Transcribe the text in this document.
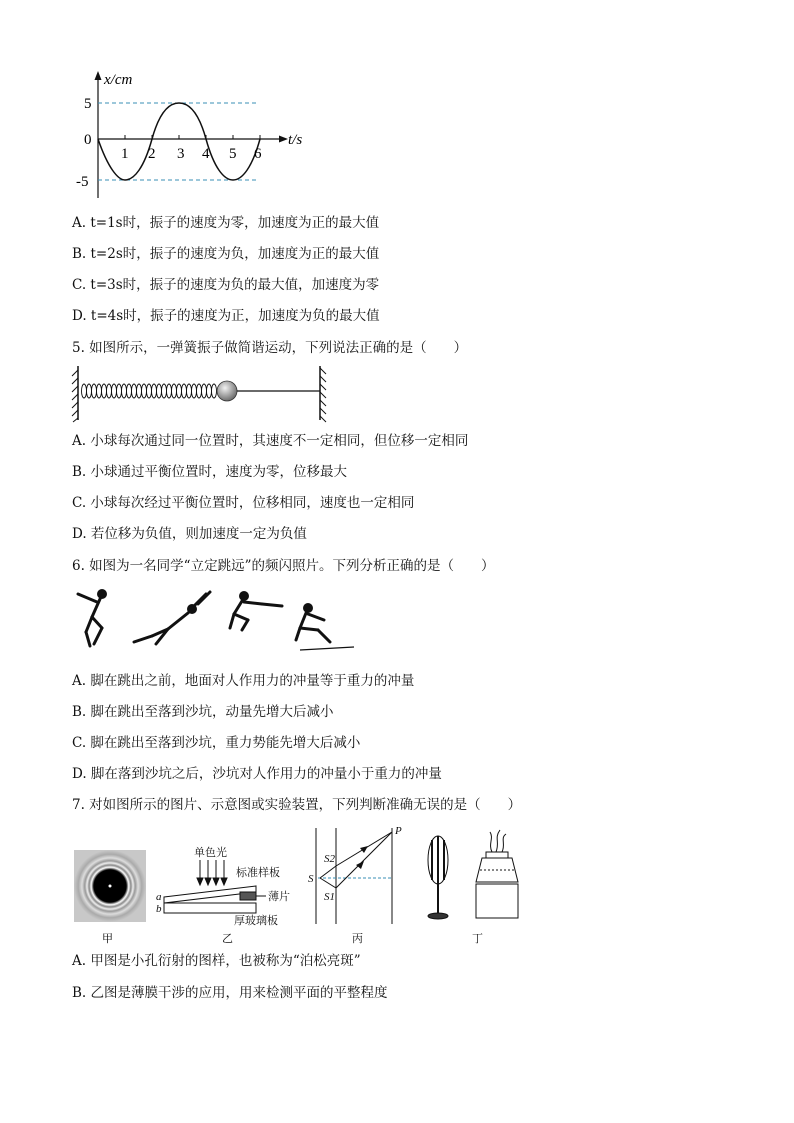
x/cm
5
0
-5
1 2 3 4 5 6
t/s
A. t=1s时，振子的速度为零，加速度为正的最大值
B. t=2s时，振子的速度为负，加速度为正的最大值
C. t=3s时，振子的速度为负的最大值，加速度为零
D. t=4s时，振子的速度为正，加速度为负的最大值
5. 如图所示，一弹簧振子做简谐运动，下列说法正确的是（　　）
A. 小球每次通过同一位置时，其速度不一定相同，但位移一定相同
B. 小球通过平衡位置时，速度为零，位移最大
C. 小球每次经过平衡位置时，位移相同，速度也一定相同
D. 若位移为负值，则加速度一定为负值
6. 如图为一名同学“立定跳远”的频闪照片。下列分析正确的是（　　）
A. 脚在跳出之前，地面对人作用力的冲量等于重力的冲量
B. 脚在跳出至落到沙坑，动量先增大后减小
C. 脚在跳出至落到沙坑，重力势能先增大后减小
D. 脚在落到沙坑之后，沙坑对人作用力的冲量小于重力的冲量
7. 对如图所示的图片、示意图或实验装置，下列判断准确无误的是（　　）
甲
单色光
标准样板
薄片
厚玻璃板
a
b
乙
P
S
S2
S1
丙	丁
A. 甲图是小孔衍射的图样，也被称为“泊松亮斑”
B. 乙图是薄膜干涉的应用，用来检测平面的平整程度
